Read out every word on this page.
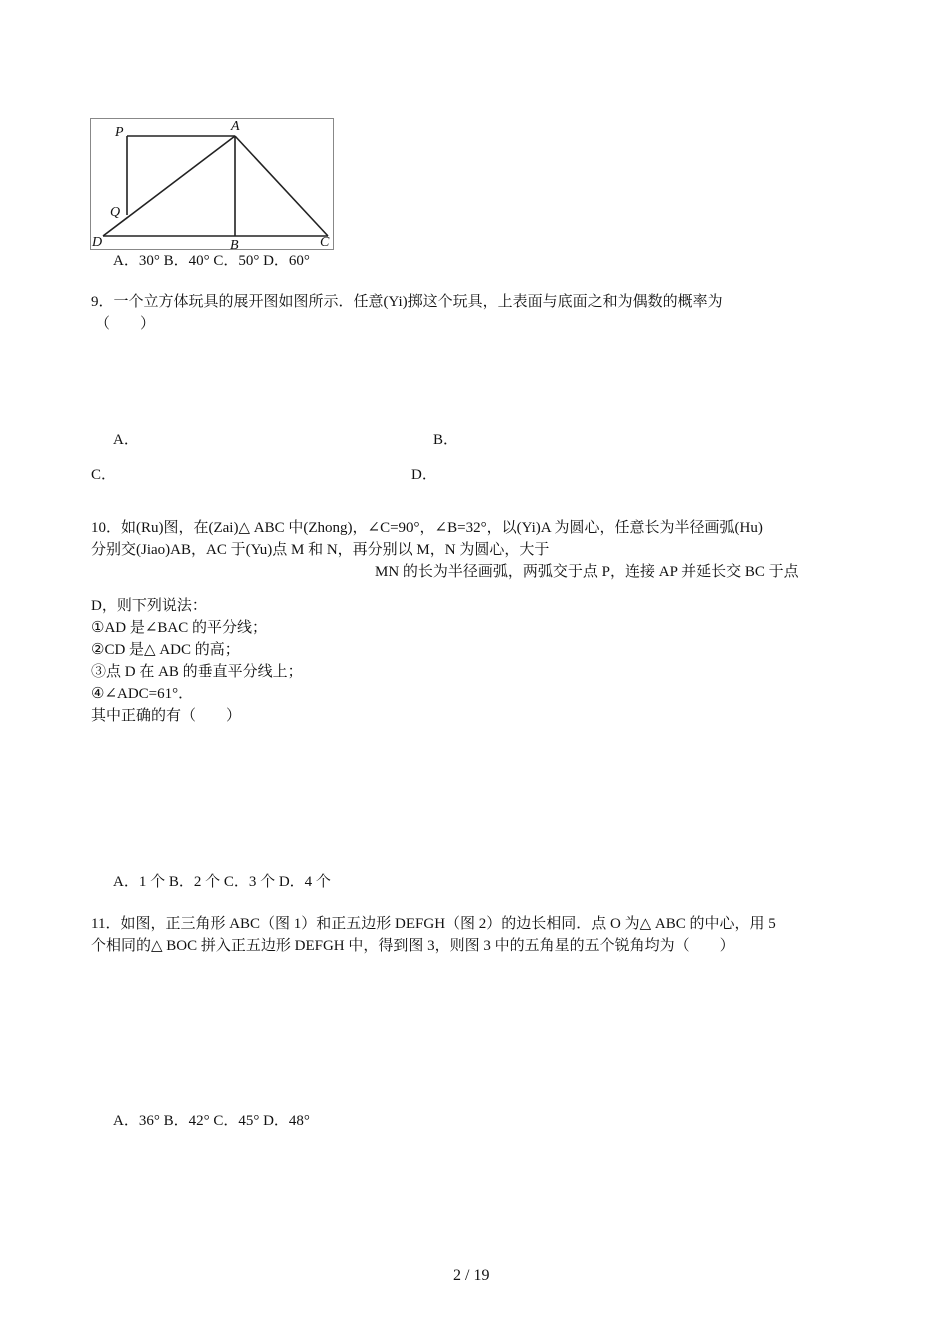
P	A
Q
D	B	C
A．30° B．40° C．50° D．60°
9．一个立方体玩具的展开图如图所示．任意(Yi)掷这个玩具，上表面与底面之和为偶数的概率为
（　　）
A．	B．
C．	D．
10．如(Ru)图，在(Zai)△ ABC 中(Zhong)，∠C=90°，∠B=32°，以(Yi)A 为圆心，任意长为半径画弧(Hu)
分别交(Jiao)AB，AC 于(Yu)点 M 和 N，再分别以 M，N 为圆心，大于
MN 的长为半径画弧，两弧交于点 P，连接 AP 并延长交 BC 于点
D，则下列说法：
①AD 是∠BAC 的平分线；
②CD 是△ ADC 的高；
③点 D 在 AB 的垂直平分线上；
④∠ADC=61°．
其中正确的有（　　）
A．1 个 B．2 个 C．3 个 D．4 个
11．如图，正三角形 ABC（图 1）和正五边形 DEFGH（图 2）的边长相同．点 O 为△ ABC 的中心，用 5
个相同的△ BOC 拼入正五边形 DEFGH 中，得到图 3，则图 3 中的五角星的五个锐角均为（　　）
A．36° B．42° C．45° D．48°
2 / 19
